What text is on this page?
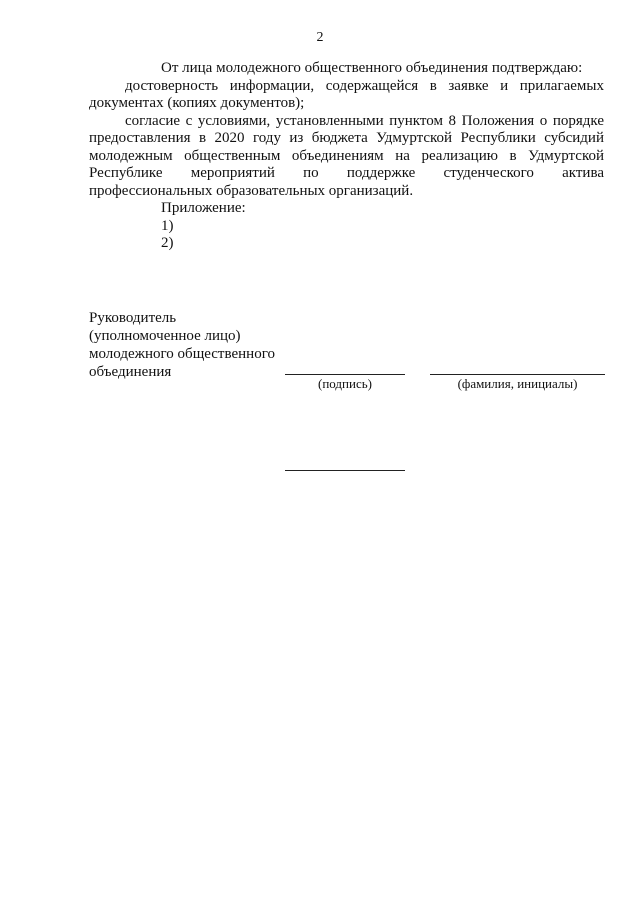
2

От лица молодежного общественного объединения подтверждаю:

достоверность информации, содержащейся в заявке и прилагаемых
документах (копиях документов);
согласие с условиями, установленными пунктом 8 Положения о порядке
предоставления в 2020 году из бюджета Удмуртской Республики субсидий
молодежным общественным объединениям на реализацию в Удмуртской
Республике мероприятий по поддержке студенческого актива
профессиональных образовательных организаций.

Приложение:

1)

2)

Руководитель
(уполномоченное лицо)
молодежного общественного
объединения
(подпись)	(фамилия, инициалы)
